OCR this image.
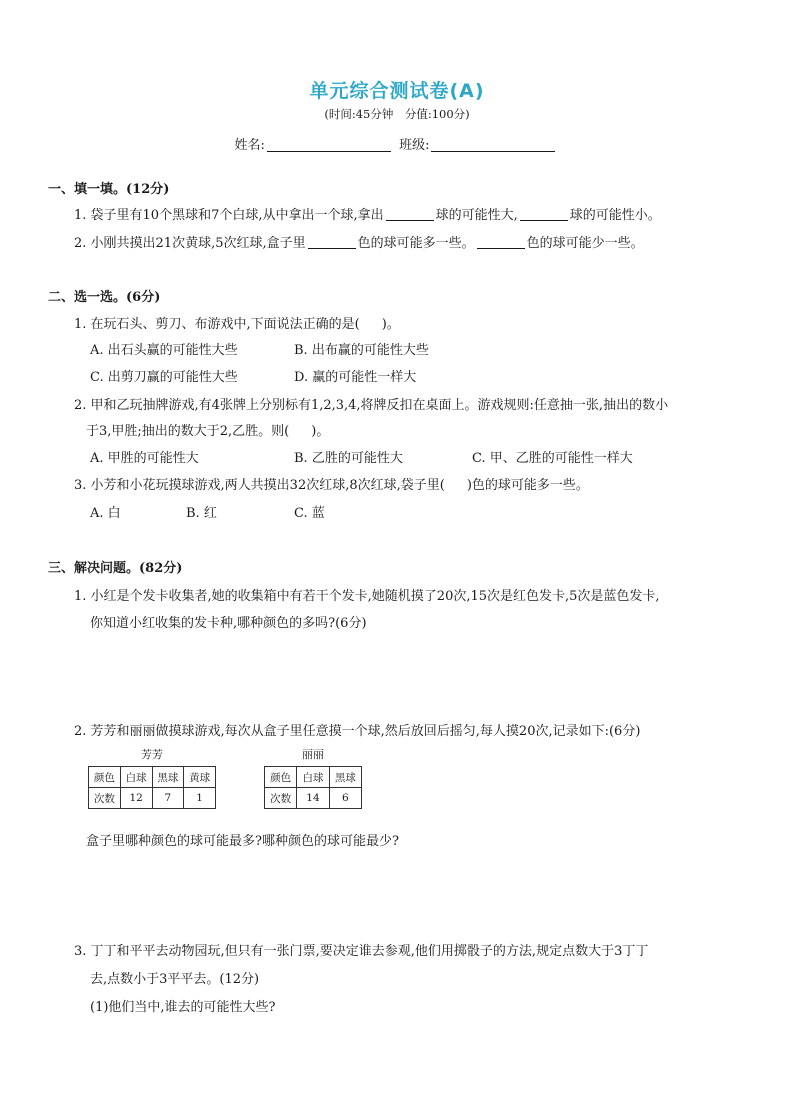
单元综合测试卷(A)
(时间:45分钟　分值:100分)
姓名:	班级:
一、填一填。(12分)
1. 袋子里有10个黑球和7个白球,从中拿出一个球,拿出	球的可能性大,	球的可能性小。
2. 小刚共摸出21次黄球,5次红球,盒子里	色的球可能多一些。	色的球可能少一些。
二、选一选。(6分)
1. 在玩石头、剪刀、布游戏中,下面说法正确的是( )。
A. 出石头赢的可能性大些	B. 出布赢的可能性大些
C. 出剪刀赢的可能性大些	D. 赢的可能性一样大
2. 甲和乙玩抽牌游戏,有4张牌上分别标有1,2,3,4,将牌反扣在桌面上。游戏规则:任意抽一张,抽出的数小
于3,甲胜;抽出的数大于2,乙胜。则( )。
A. 甲胜的可能性大	B. 乙胜的可能性大	C. 甲、乙胜的可能性一样大
3. 小芳和小花玩摸球游戏,两人共摸出32次红球,8次红球,袋子里( )色的球可能多一些。
A. 白	B. 红	C. 蓝
三、解决问题。(82分)
1. 小红是个发卡收集者,她的收集箱中有若干个发卡,她随机摸了20次,15次是红色发卡,5次是蓝色发卡,
你知道小红收集的发卡种,哪种颜色的多吗?(6分)
2. 芳芳和丽丽做摸球游戏,每次从盒子里任意摸一个球,然后放回后摇匀,每人摸20次,记录如下:(6分)
芳芳
颜色	白球	黑球	黄球
次数	12	7	1
丽丽
颜色	白球	黑球
次数	14	6
盒子里哪种颜色的球可能最多?哪种颜色的球可能最少?
3. 丁丁和平平去动物园玩,但只有一张门票,要决定谁去参观,他们用掷骰子的方法,规定点数大于3丁丁
去,点数小于3平平去。(12分)
(1)他们当中,谁去的可能性大些?
